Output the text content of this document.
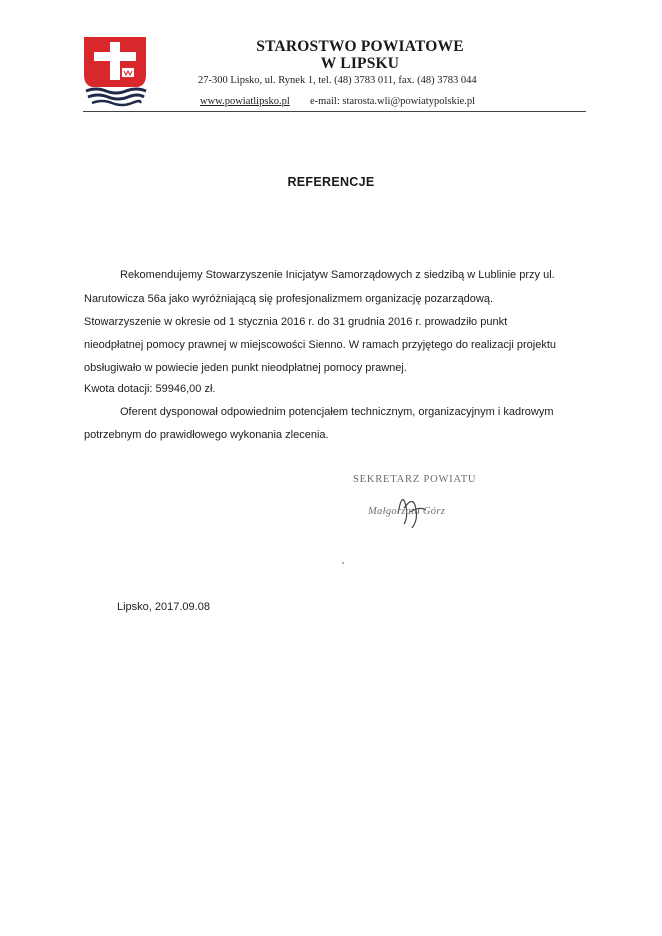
STAROSTWO POWIATOWE
W LIPSKU
27-300 Lipsko, ul. Rynek 1, tel. (48) 3783 011, fax. (48) 3783 044
www.powiatlipsko.pl e-mail: starosta.wli@powiatypolskie.pl
REFERENCJE
Rekomendujemy Stowarzyszenie Inicjatyw Samorządowych z siedzibą w Lublinie przy ul.
Narutowicza 56a jako wyróżniającą się profesjonalizmem organizację pozarządową.
Stowarzyszenie w okresie od 1 stycznia 2016 r. do 31 grudnia 2016 r. prowadziło punkt
nieodpłatnej pomocy prawnej w miejscowości Sienno. W ramach przyjętego do realizacji projektu
obsługiwało w powiecie jeden punkt nieodpłatnej pomocy prawnej.
Kwota dotacji: 59946,00 zł.
Oferent dysponował odpowiednim potencjałem technicznym, organizacyjnym i kadrowym
potrzebnym do prawidłowego wykonania zlecenia.
SEKRETARZ POWIATU
Małgorzata Górz
Lipsko, 2017.09.08
